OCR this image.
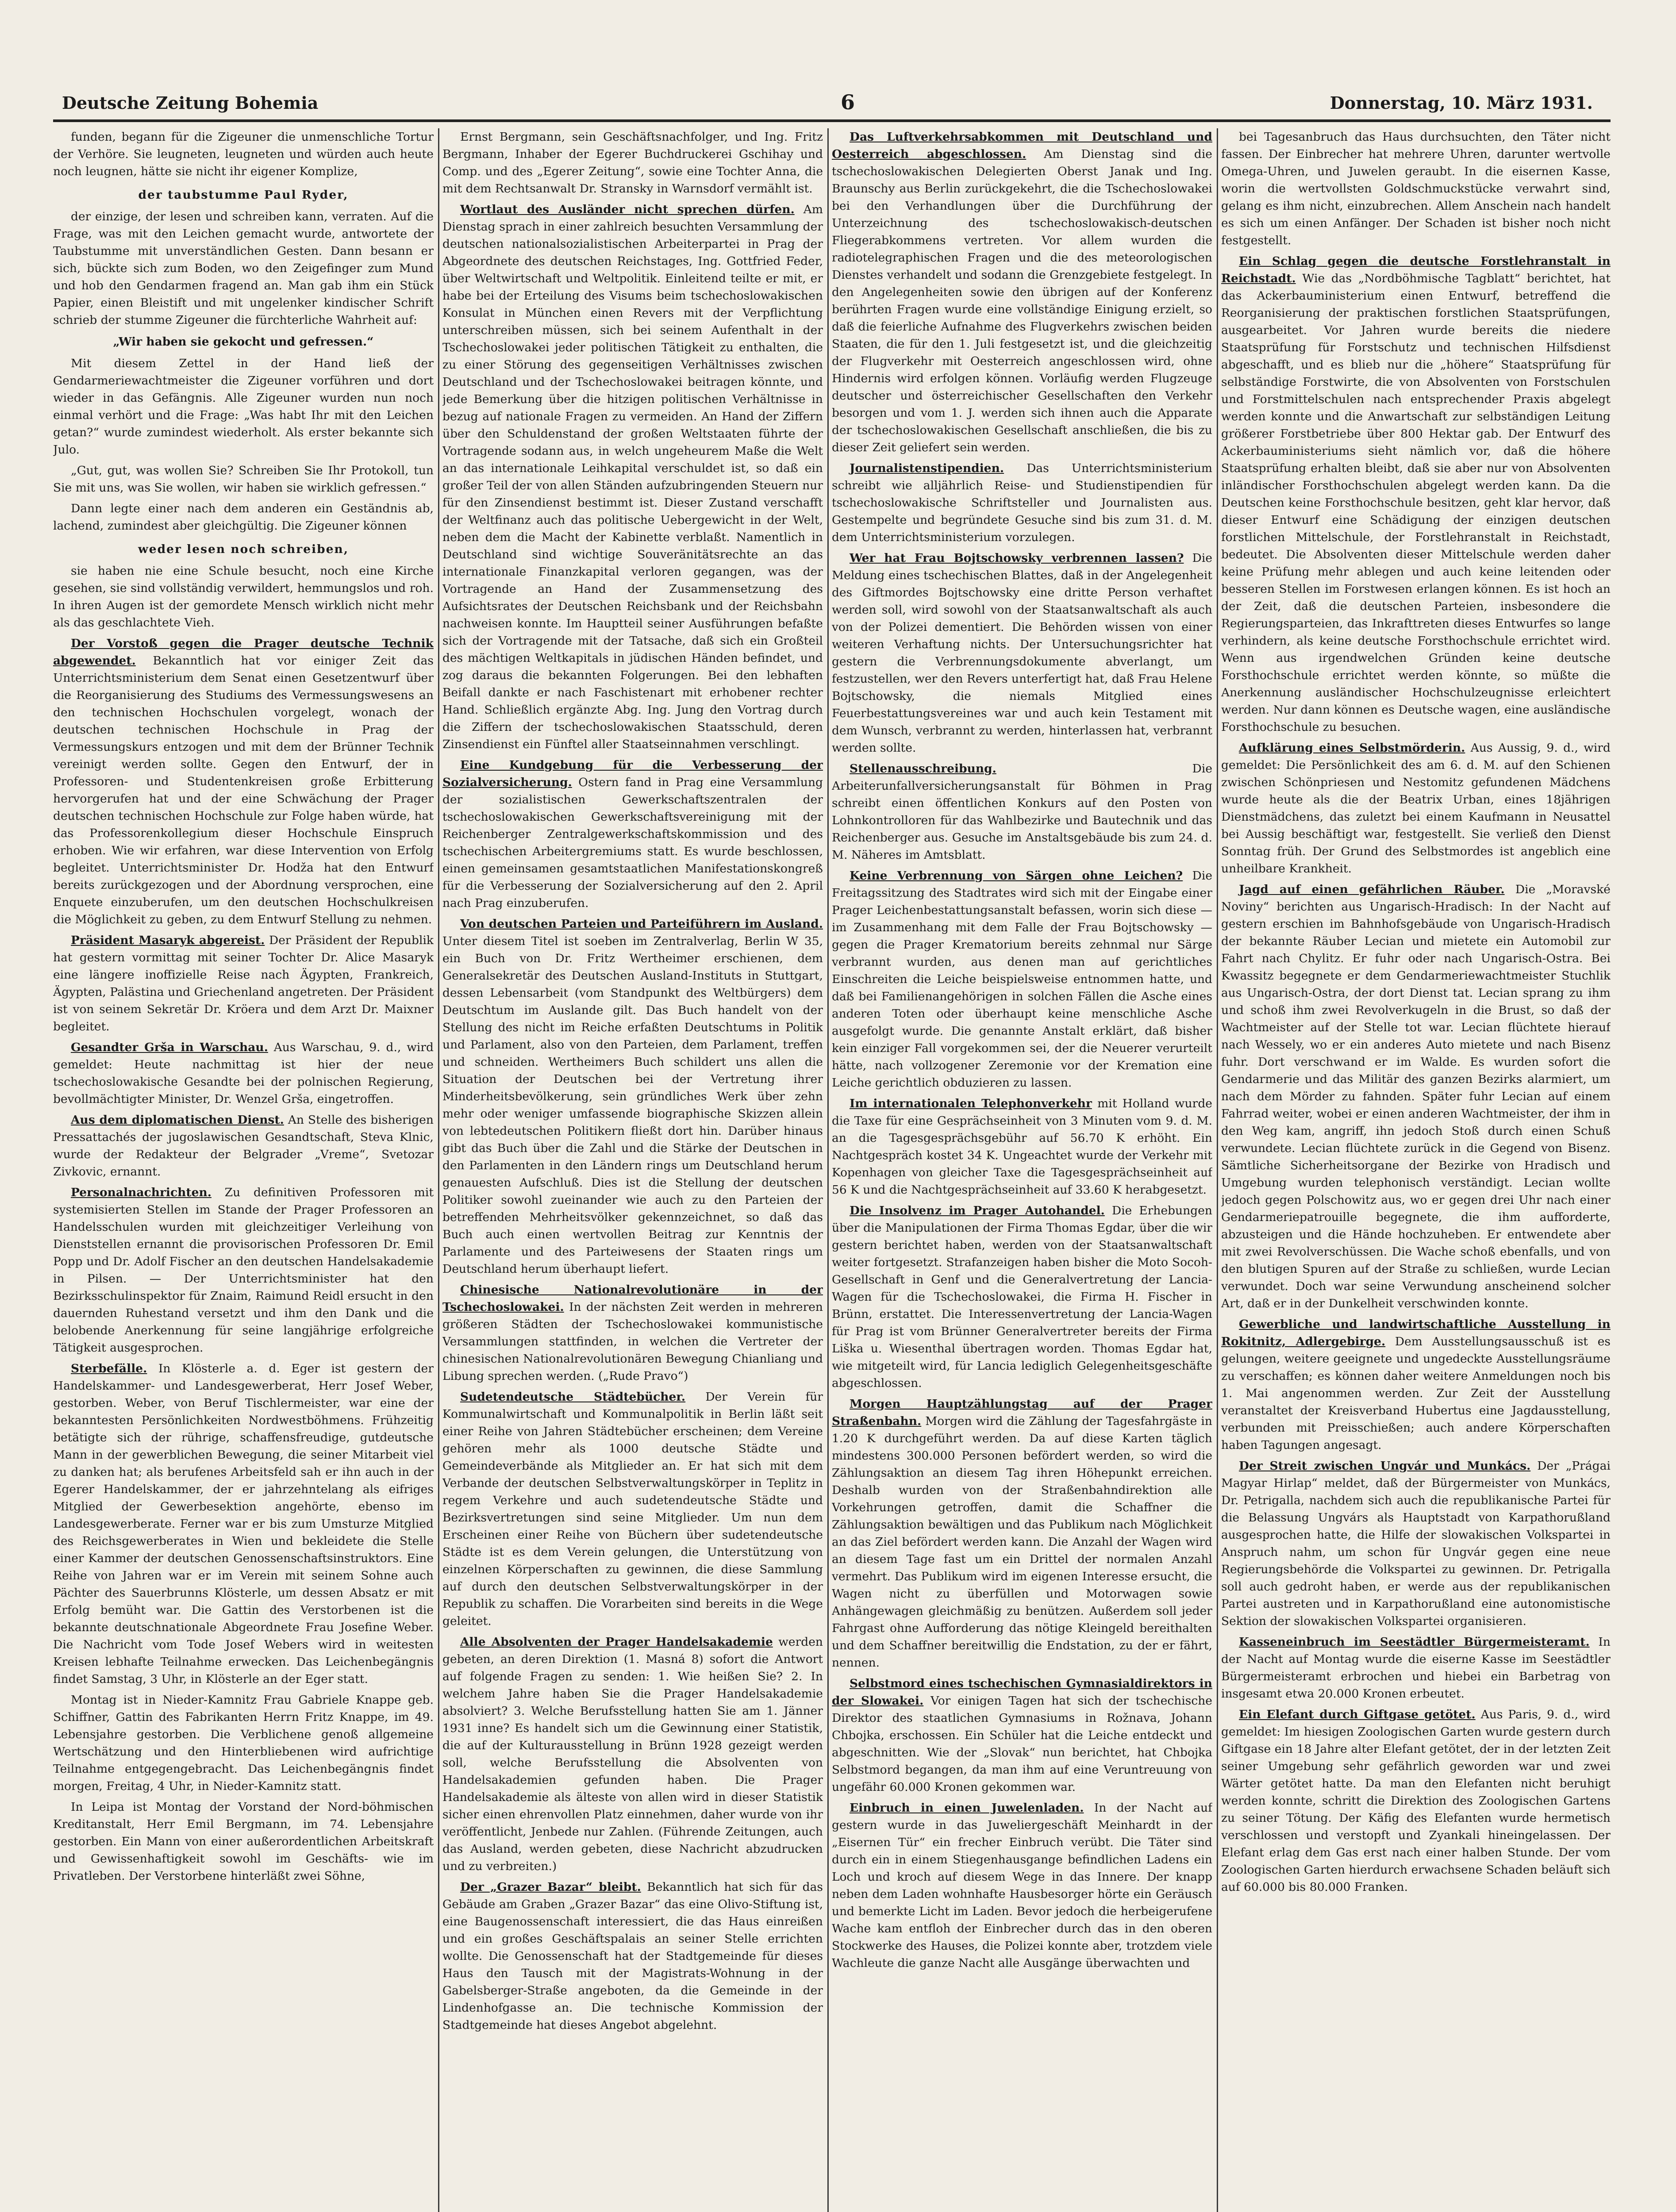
Deutsche Zeitung Bohemia	6	Donnerstag, 10. März 1931.

funden, begann für die Zigeuner die unmenschliche Tortur der Verhöre. Sie leugneten, leugneten und würden auch heute noch leugnen, hätte sie nicht ihr eigener Komplize,

der taubstumme Paul Ryder,

der einzige, der lesen und schreiben kann, verraten. Auf die Frage, was mit den Leichen gemacht wurde, antwortete der Taubstumme mit unverständlichen Gesten. Dann besann er sich, bückte sich zum Boden, wo den Zeigefinger zum Mund und hob den Gendarmen fragend an. Man gab ihm ein Stück Papier, einen Bleistift und mit ungelenker kindischer Schrift schrieb der stumme Zigeuner die fürchterliche Wahrheit auf:

„Wir haben sie gekocht und gefressen.“

Mit diesem Zettel in der Hand ließ der Gendarmeriewachtmeister die Zigeuner vorführen und dort wieder in das Gefängnis. Alle Zigeuner wurden nun noch einmal verhört und die Frage: „Was habt Ihr mit den Leichen getan?“ wurde zumindest wiederholt. Als erster bekannte sich Julo.

„Gut, gut, was wollen Sie? Schreiben Sie Ihr Protokoll, tun Sie mit uns, was Sie wollen, wir haben sie wirklich gefressen.“

Dann legte einer nach dem anderen ein Geständnis ab, lachend, zumindest aber gleichgültig. Die Zigeuner können

weder lesen noch schreiben,

sie haben nie eine Schule besucht, noch eine Kirche gesehen, sie sind vollständig verwildert, hemmungslos und roh. In ihren Augen ist der gemordete Mensch wirklich nicht mehr als das geschlachtete Vieh.

Der Vorstoß gegen die Prager deutsche Technik abgewendet. Bekanntlich hat vor einiger Zeit das Unterrichtsministerium dem Senat einen Gesetzentwurf über die Reorganisierung des Studiums des Vermessungswesens an den technischen Hochschulen vorgelegt, wonach der deutschen technischen Hochschule in Prag der Vermessungskurs entzogen und mit dem der Brünner Technik vereinigt werden sollte. Gegen den Entwurf, der in Professoren- und Studentenkreisen große Erbitterung hervorgerufen hat und der eine Schwächung der Prager deutschen technischen Hochschule zur Folge haben würde, hat das Professorenkollegium dieser Hochschule Einspruch erhoben. Wie wir erfahren, war diese Intervention von Erfolg begleitet. Unterrichtsminister Dr. Hodža hat den Entwurf bereits zurückgezogen und der Abordnung versprochen, eine Enquete einzuberufen, um den deutschen Hochschulkreisen die Möglichkeit zu geben, zu dem Entwurf Stellung zu nehmen.

Präsident Masaryk abgereist. Der Präsident der Republik hat gestern vormittag mit seiner Tochter Dr. Alice Masaryk eine längere inoffizielle Reise nach Ägypten, Frankreich, Ägypten, Palästina und Griechenland angetreten. Der Präsident ist von seinem Sekretär Dr. Kröera und dem Arzt Dr. Maixner begleitet.

Gesandter Grša in Warschau. Aus Warschau, 9. d., wird gemeldet: Heute nachmittag ist hier der neue tschechoslowakische Gesandte bei der polnischen Regierung, bevollmächtigter Minister, Dr. Wenzel Grša, eingetroffen.

Aus dem diplomatischen Dienst. An Stelle des bisherigen Pressattachés der jugoslawischen Gesandtschaft, Steva Klnic, wurde der Redakteur der Belgrader „Vreme“, Svetozar Zivkovic, ernannt.

Personalnachrichten. Zu definitiven Professoren mit systemisierten Stellen im Stande der Prager Professoren an Handelsschulen wurden mit gleichzeitiger Verleihung von Dienststellen ernannt die provisorischen Professoren Dr. Emil Popp und Dr. Adolf Fischer an den deutschen Handelsakademie in Pilsen. — Der Unterrichtsminister hat den Bezirksschulinspektor für Znaim, Raimund Reidl ersucht in den dauernden Ruhestand versetzt und ihm den Dank und die belobende Anerkennung für seine langjährige erfolgreiche Tätigkeit ausgesprochen.

Sterbefälle. In Klösterle a. d. Eger ist gestern der Handelskammer- und Landesgewerberat, Herr Josef Weber, gestorben. Weber, von Beruf Tischlermeister, war eine der bekanntesten Persönlichkeiten Nordwestböhmens. Frühzeitig betätigte sich der rührige, schaffensfreudige, gutdeutsche Mann in der gewerblichen Bewegung, die seiner Mitarbeit viel zu danken hat; als berufenes Arbeitsfeld sah er ihn auch in der Egerer Handelskammer, der er jahrzehntelang als eifriges Mitglied der Gewerbesektion angehörte, ebenso im Landesgewerberate. Ferner war er bis zum Umsturze Mitglied des Reichsgewerberates in Wien und bekleidete die Stelle einer Kammer der deutschen Genossenschaftsinstruktors. Eine Reihe von Jahren war er im Verein mit seinem Sohne auch Pächter des Sauerbrunns Klösterle, um dessen Absatz er mit Erfolg bemüht war. Die Gattin des Verstorbenen ist die bekannte deutschnationale Abgeordnete Frau Josefine Weber. Die Nachricht vom Tode Josef Webers wird in weitesten Kreisen lebhafte Teilnahme erwecken. Das Leichenbegängnis findet Samstag, 3 Uhr, in Klösterle an der Eger statt.

Montag ist in Nieder-Kamnitz Frau Gabriele Knappe geb. Schiffner, Gattin des Fabrikanten Herrn Fritz Knappe, im 49. Lebensjahre gestorben. Die Verblichene genoß allgemeine Wertschätzung und den Hinterbliebenen wird aufrichtige Teilnahme entgegengebracht. Das Leichenbegängnis findet morgen, Freitag, 4 Uhr, in Nieder-Kamnitz statt.

In Leipa ist Montag der Vorstand der Nord-böhmischen Kreditanstalt, Herr Emil Bergmann, im 74. Lebensjahre gestorben. Ein Mann von einer außerordentlichen Arbeitskraft und Gewissenhaftigkeit sowohl im Geschäfts- wie im Privatleben. Der Verstorbene hinterläßt zwei Söhne,

Ernst Bergmann, sein Geschäftsnachfolger, und Ing. Fritz Bergmann, Inhaber der Egerer Buchdruckerei Gschihay und Comp. und des „Egerer Zeitung“, sowie eine Tochter Anna, die mit dem Rechtsanwalt Dr. Stransky in Warnsdorf vermählt ist.

Wortlaut des Ausländer nicht sprechen dürfen. Am Dienstag sprach in einer zahlreich besuchten Versammlung der deutschen nationalsozialistischen Arbeiterpartei in Prag der Abgeordnete des deutschen Reichstages, Ing. Gottfried Feder, über Weltwirtschaft und Weltpolitik. Einleitend teilte er mit, er habe bei der Erteilung des Visums beim tschechoslowakischen Konsulat in München einen Revers mit der Verpflichtung unterschreiben müssen, sich bei seinem Aufenthalt in der Tschechoslowakei jeder politischen Tätigkeit zu enthalten, die zu einer Störung des gegenseitigen Verhältnisses zwischen Deutschland und der Tschechoslowakei beitragen könnte, und jede Bemerkung über die hitzigen politischen Verhältnisse in bezug auf nationale Fragen zu vermeiden. An Hand der Ziffern über den Schuldenstand der großen Weltstaaten führte der Vortragende sodann aus, in welch ungeheurem Maße die Welt an das internationale Leihkapital verschuldet ist, so daß ein großer Teil der von allen Ständen aufzubringenden Steuern nur für den Zinsendienst bestimmt ist. Dieser Zustand verschafft der Weltfinanz auch das politische Uebergewicht in der Welt, neben dem die Macht der Kabinette verblaßt. Namentlich in Deutschland sind wichtige Souveränitätsrechte an das internationale Finanzkapital verloren gegangen, was der Vortragende an Hand der Zusammensetzung des Aufsichtsrates der Deutschen Reichsbank und der Reichsbahn nachweisen konnte. Im Hauptteil seiner Ausführungen befaßte sich der Vortragende mit der Tatsache, daß sich ein Großteil des mächtigen Weltkapitals in jüdischen Händen befindet, und zog daraus die bekannten Folgerungen. Bei den lebhaften Beifall dankte er nach Faschistenart mit erhobener rechter Hand. Schließlich ergänzte Abg. Ing. Jung den Vortrag durch die Ziffern der tschechoslowakischen Staatsschuld, deren Zinsendienst ein Fünftel aller Staatseinnahmen verschlingt.

Eine Kundgebung für die Verbesserung der Sozialversicherung. Ostern fand in Prag eine Versammlung der sozialistischen Gewerkschaftszentralen der tschechoslowakischen Gewerkschaftsvereinigung mit der Reichenberger Zentralgewerkschaftskommission und des tschechischen Arbeitergremiums statt. Es wurde beschlossen, einen gemeinsamen gesamtstaatlichen Manifestationskongreß für die Verbesserung der Sozialversicherung auf den 2. April nach Prag einzuberufen.

Von deutschen Parteien und Parteiführern im Ausland. Unter diesem Titel ist soeben im Zentralverlag, Berlin W 35, ein Buch von Dr. Fritz Wertheimer erschienen, dem Generalsekretär des Deutschen Ausland-Instituts in Stuttgart, dessen Lebensarbeit (vom Standpunkt des Weltbürgers) dem Deutschtum im Auslande gilt. Das Buch handelt von der Stellung des nicht im Reiche erfaßten Deutschtums in Politik und Parlament, also von den Parteien, dem Parlament, treffen und schneiden. Wertheimers Buch schildert uns allen die Situation der Deutschen bei der Vertretung ihrer Minderheitsbevölkerung, sein gründliches Werk über zehn mehr oder weniger umfassende biographische Skizzen allein von lebtedeutschen Politikern fließt dort hin. Darüber hinaus gibt das Buch über die Zahl und die Stärke der Deutschen in den Parlamenten in den Ländern rings um Deutschland herum genauesten Aufschluß. Dies ist die Stellung der deutschen Politiker sowohl zueinander wie auch zu den Parteien der betreffenden Mehrheitsvölker gekennzeichnet, so daß das Buch auch einen wertvollen Beitrag zur Kenntnis der Parlamente und des Parteiwesens der Staaten rings um Deutschland herum überhaupt liefert.

Chinesische Nationalrevolutionäre in der Tschechoslowakei. In der nächsten Zeit werden in mehreren größeren Städten der Tschechoslowakei kommunistische Versammlungen stattfinden, in welchen die Vertreter der chinesischen Nationalrevolutionären Bewegung Chianliang und Libung sprechen werden. („Rude Pravo“)

Sudetendeutsche Städtebücher. Der Verein für Kommunalwirtschaft und Kommunalpolitik in Berlin läßt seit einer Reihe von Jahren Städtebücher erscheinen; dem Vereine gehören mehr als 1000 deutsche Städte und Gemeindeverbände als Mitglieder an. Er hat sich mit dem Verbande der deutschen Selbstverwaltungskörper in Teplitz in regem Verkehre und auch sudetendeutsche Städte und Bezirksvertretungen sind seine Mitglieder. Um nun dem Erscheinen einer Reihe von Büchern über sudetendeutsche Städte ist es dem Verein gelungen, die Unterstützung von einzelnen Körperschaften zu gewinnen, die diese Sammlung auf durch den deutschen Selbstverwaltungskörper in der Republik zu schaffen. Die Vorarbeiten sind bereits in die Wege geleitet.

Alle Absolventen der Prager Handelsakademie werden gebeten, an deren Direktion (1. Masná 8) sofort die Antwort auf folgende Fragen zu senden: 1. Wie heißen Sie? 2. In welchem Jahre haben Sie die Prager Handelsakademie absolviert? 3. Welche Berufsstellung hatten Sie am 1. Jänner 1931 inne? Es handelt sich um die Gewinnung einer Statistik, die auf der Kulturausstellung in Brünn 1928 gezeigt werden soll, welche Berufsstellung die Absolventen von Handelsakademien gefunden haben. Die Prager Handelsakademie als älteste von allen wird in dieser Statistik sicher einen ehrenvollen Platz einnehmen, daher wurde von ihr veröffentlicht, Jenbede nur Zahlen. (Führende Zeitungen, auch das Ausland, werden gebeten, diese Nachricht abzudrucken und zu verbreiten.)

Der „Grazer Bazar“ bleibt. Bekanntlich hat sich für das Gebäude am Graben „Grazer Bazar“ das eine Olivo-Stiftung ist, eine Baugenossenschaft interessiert, die das Haus einreißen und ein großes Geschäftspalais an seiner Stelle errichten wollte. Die Genossenschaft hat der Stadtgemeinde für dieses Haus den Tausch mit der Magistrats-Wohnung in der Gabelsberger-Straße angeboten, da die Gemeinde in der Lindenhofgasse an. Die technische Kommission der Stadtgemeinde hat dieses Angebot abgelehnt.

Das Luftverkehrsabkommen mit Deutschland und Oesterreich abgeschlossen. Am Dienstag sind die tschechoslowakischen Delegierten Oberst Janak und Ing. Braunschy aus Berlin zurückgekehrt, die die Tschechoslowakei bei den Verhandlungen über die Durchführung der Unterzeichnung des tschechoslowakisch-deutschen Fliegerabkommens vertreten. Vor allem wurden die radiotelegraphischen Fragen und die des meteorologischen Dienstes verhandelt und sodann die Grenzgebiete festgelegt. In den Angelegenheiten sowie den übrigen auf der Konferenz berührten Fragen wurde eine vollständige Einigung erzielt, so daß die feierliche Aufnahme des Flugverkehrs zwischen beiden Staaten, die für den 1. Juli festgesetzt ist, und die gleichzeitig der Flugverkehr mit Oesterreich angeschlossen wird, ohne Hindernis wird erfolgen können. Vorläufig werden Flugzeuge deutscher und österreichischer Gesellschaften den Verkehr besorgen und vom 1. J. werden sich ihnen auch die Apparate der tschechoslowakischen Gesellschaft anschließen, die bis zu dieser Zeit geliefert sein werden.

Journalistenstipendien. Das Unterrichtsministerium schreibt wie alljährlich Reise- und Studienstipendien für tschechoslowakische Schriftsteller und Journalisten aus. Gestempelte und begründete Gesuche sind bis zum 31. d. M. dem Unterrichtsministerium vorzulegen.

Wer hat Frau Bojtschowsky verbrennen lassen? Die Meldung eines tschechischen Blattes, daß in der Angelegenheit des Giftmordes Bojtschowsky eine dritte Person verhaftet werden soll, wird sowohl von der Staatsanwaltschaft als auch von der Polizei dementiert. Die Behörden wissen von einer weiteren Verhaftung nichts. Der Untersuchungsrichter hat gestern die Verbrennungsdokumente abverlangt, um festzustellen, wer den Revers unterfertigt hat, daß Frau Helene Bojtschowsky, die niemals Mitglied eines Feuerbestattungsvereines war und auch kein Testament mit dem Wunsch, verbrannt zu werden, hinterlassen hat, verbrannt werden sollte.

Stellenausschreibung.	Die Arbeiterunfallversicherungsanstalt für Böhmen in Prag schreibt einen öffentlichen Konkurs auf den Posten von Lohnkontrolloren für das Wahlbezirke und Bautechnik und das Reichenberger aus. Gesuche im Anstaltsgebäude bis zum 24. d. M. Näheres im Amtsblatt.

Keine Verbrennung von Särgen ohne Leichen? Die Freitagssitzung des Stadtrates wird sich mit der Eingabe einer Prager Leichenbestattungsanstalt befassen, worin sich diese — im Zusammenhang mit dem Falle der Frau Bojtschowsky — gegen die Prager Krematorium bereits zehnmal nur Särge verbrannt wurden, aus denen man auf gerichtliches Einschreiten die Leiche beispielsweise entnommen hatte, und daß bei Familienangehörigen in solchen Fällen die Asche eines anderen Toten oder überhaupt keine menschliche Asche ausgefolgt wurde. Die genannte Anstalt erklärt, daß bisher kein einziger Fall vorgekommen sei, der die Neuerer verurteilt hätte, nach vollzogener Zeremonie vor der Kremation eine Leiche gerichtlich obduzieren zu lassen.

Im internationalen Telephonverkehr mit Holland wurde die Taxe für eine Gesprächseinheit von 3 Minuten vom 9. d. M. an die Tagesgesprächsgebühr auf 56.70 K erhöht. Ein Nachtgespräch kostet 34 K. Ungeachtet wurde der Verkehr mit Kopenhagen von gleicher Taxe die Tagesgesprächseinheit auf 56 K und die Nachtgesprächseinheit auf 33.60 K herabgesetzt.

Die Insolvenz im Prager Autohandel. Die Erhebungen über die Manipulationen der Firma Thomas Egdar, über die wir gestern berichtet haben, werden von der Staatsanwaltschaft weiter fortgesetzt. Strafanzeigen haben bisher die Moto Socoh-Gesellschaft in Genf und die Generalvertretung der Lancia-Wagen für die Tschechoslowakei, die Firma H. Fischer in Brünn, erstattet. Die Interessenvertretung der Lancia-Wagen für Prag ist vom Brünner Generalvertreter bereits der Firma Liška u. Wiesenthal übertragen worden. Thomas Egdar hat, wie mitgeteilt wird, für Lancia lediglich Gelegenheitsgeschäfte abgeschlossen.

Morgen Hauptzählungstag auf der Prager Straßenbahn. Morgen wird die Zählung der Tagesfahrgäste in 1.20 K durchgeführt werden. Da auf diese Karten täglich mindestens 300.000 Personen befördert werden, so wird die Zählungsaktion an diesem Tag ihren Höhepunkt erreichen. Deshalb wurden von der Straßenbahndirektion alle Vorkehrungen getroffen, damit die Schaffner die Zählungsaktion bewältigen und das Publikum nach Möglichkeit an das Ziel befördert werden kann. Die Anzahl der Wagen wird an diesem Tage fast um ein Drittel der normalen Anzahl vermehrt. Das Publikum wird im eigenen Interesse ersucht, die Wagen nicht zu überfüllen und Motorwagen sowie Anhängewagen gleichmäßig zu benützen. Außerdem soll jeder Fahrgast ohne Aufforderung das nötige Kleingeld bereithalten und dem Schaffner bereitwillig die Endstation, zu der er fährt, nennen.

Selbstmord eines tschechischen Gymnasialdirektors in der Slowakei. Vor einigen Tagen hat sich der tschechische Direktor des staatlichen Gymnasiums in Rožnava, Johann Chbojka, erschossen. Ein Schüler hat die Leiche entdeckt und abgeschnitten. Wie der „Slovak“ nun berichtet, hat Chbojka Selbstmord begangen, da man ihm auf eine Veruntreuung von ungefähr 60.000 Kronen gekommen war.

Einbruch in einen Juwelenladen. In der Nacht auf gestern wurde in das Juweliergeschäft Meinhardt in der „Eisernen Tür“ ein frecher Einbruch verübt. Die Täter sind durch ein in einem Stiegenhausgange befindlichen Ladens ein Loch und kroch auf diesem Wege in das Innere. Der knapp neben dem Laden wohnhafte Hausbesorger hörte ein Geräusch und bemerkte Licht im Laden. Bevor jedoch die herbeigerufene Wache kam entfloh der Einbrecher durch das in den oberen Stockwerke des Hauses, die Polizei konnte aber, trotzdem viele Wachleute die ganze Nacht alle Ausgänge überwachten und

bei Tagesanbruch das Haus durchsuchten, den Täter nicht fassen. Der Einbrecher hat mehrere Uhren, darunter wertvolle Omega-Uhren, und Juwelen geraubt. In die eisernen Kasse, worin die wertvollsten Goldschmuckstücke verwahrt sind, gelang es ihm nicht, einzubrechen. Allem Anschein nach handelt es sich um einen Anfänger. Der Schaden ist bisher noch nicht festgestellt.

Ein Schlag gegen die deutsche Forstlehranstalt in Reichstadt. Wie das „Nordböhmische Tagblatt“ berichtet, hat das Ackerbauministerium einen Entwurf, betreffend die Reorganisierung der praktischen forstlichen Staatsprüfungen, ausgearbeitet. Vor Jahren wurde bereits die niedere Staatsprüfung für Forstschutz und technischen Hilfsdienst abgeschafft, und es blieb nur die „höhere“ Staatsprüfung für selbständige Forstwirte, die von Absolventen von Forstschulen und Forstmittelschulen nach entsprechender Praxis abgelegt werden konnte und die Anwartschaft zur selbständigen Leitung größerer Forstbetriebe über 800 Hektar gab. Der Entwurf des Ackerbauministeriums sieht nämlich vor, daß die höhere Staatsprüfung erhalten bleibt, daß sie aber nur von Absolventen inländischer Forsthochschulen abgelegt werden kann. Da die Deutschen keine Forsthochschule besitzen, geht klar hervor, daß dieser Entwurf eine Schädigung der einzigen deutschen forstlichen Mittelschule, der Forstlehranstalt in Reichstadt, bedeutet. Die Absolventen dieser Mittelschule werden daher keine Prüfung mehr ablegen und auch keine leitenden oder besseren Stellen im Forstwesen erlangen können. Es ist hoch an der Zeit, daß die deutschen Parteien, insbesondere die Regierungsparteien, das Inkrafttreten dieses Entwurfes so lange verhindern, als keine deutsche Forsthochschule errichtet wird. Wenn aus irgendwelchen Gründen keine deutsche Forsthochschule errichtet werden könnte, so müßte die Anerkennung ausländischer Hochschulzeugnisse erleichtert werden. Nur dann können es Deutsche wagen, eine ausländische Forsthochschule zu besuchen.

Aufklärung eines Selbstmörderin. Aus Aussig, 9. d., wird gemeldet: Die Persönlichkeit des am 6. d. M. auf den Schienen zwischen Schönpriesen und Nestomitz gefundenen Mädchens wurde heute als die der Beatrix Urban, eines 18jährigen Dienstmädchens, das zuletzt bei einem Kaufmann in Neusattel bei Aussig beschäftigt war, festgestellt. Sie verließ den Dienst Sonntag früh. Der Grund des Selbstmordes ist angeblich eine unheilbare Krankheit.

Jagd auf einen gefährlichen Räuber. Die „Moravské Noviny“ berichten aus Ungarisch-Hradisch: In der Nacht auf gestern erschien im Bahnhofsgebäude von Ungarisch-Hradisch der bekannte Räuber Lecian und mietete ein Automobil zur Fahrt nach Chylitz. Er fuhr oder nach Ungarisch-Ostra. Bei Kwassitz begegnete er dem Gendarmeriewachtmeister Stuchlik aus Ungarisch-Ostra, der dort Dienst tat. Lecian sprang zu ihm und schoß ihm zwei Revolverkugeln in die Brust, so daß der Wachtmeister auf der Stelle tot war. Lecian flüchtete hierauf nach Wessely, wo er ein anderes Auto mietete und nach Bisenz fuhr. Dort verschwand er im Walde. Es wurden sofort die Gendarmerie und das Militär des ganzen Bezirks alarmiert, um nach dem Mörder zu fahnden. Später fuhr Lecian auf einem Fahrrad weiter, wobei er einen anderen Wachtmeister, der ihm in den Weg kam, angriff, ihn jedoch Stoß durch einen Schuß verwundete. Lecian flüchtete zurück in die Gegend von Bisenz. Sämtliche Sicherheitsorgane der Bezirke von Hradisch und Umgebung wurden telephonisch verständigt. Lecian wollte jedoch gegen Polschowitz aus, wo er gegen drei Uhr nach einer Gendarmeriepatrouille begegnete, die ihm aufforderte, abzusteigen und die Hände hochzuheben. Er entwendete aber mit zwei Revolverschüssen. Die Wache schoß ebenfalls, und von den blutigen Spuren auf der Straße zu schließen, wurde Lecian verwundet. Doch war seine Verwundung anscheinend solcher Art, daß er in der Dunkelheit verschwinden konnte.

Gewerbliche und landwirtschaftliche Ausstellung in Rokitnitz, Adlergebirge. Dem Ausstellungsausschuß ist es gelungen, weitere geeignete und ungedeckte Ausstellungsräume zu verschaffen; es können daher weitere Anmeldungen noch bis 1. Mai angenommen werden. Zur Zeit der Ausstellung veranstaltet der Kreisverband Hubertus eine Jagdausstellung, verbunden mit Preisschießen; auch andere Körperschaften haben Tagungen angesagt.

Der Streit zwischen Ungvár und Munkács. Der „Prágai Magyar Hirlap“ meldet, daß der Bürgermeister von Munkács, Dr. Petrigalla, nachdem sich auch die republikanische Partei für die Belassung Ungvárs als Hauptstadt von Karpathorußland ausgesprochen hatte, die Hilfe der slowakischen Volkspartei in Anspruch nahm, um schon für Ungvár gegen eine neue Regierungsbehörde die Volkspartei zu gewinnen. Dr. Petrigalla soll auch gedroht haben, er werde aus der republikanischen Partei austreten und in Karpathorußland eine autonomistische Sektion der slowakischen Volkspartei organisieren.

Kasseneinbruch im Seestädtler Bürgermeisteramt. In der Nacht auf Montag wurde die eiserne Kasse im Seestädtler Bürgermeisteramt erbrochen und hiebei ein Barbetrag von insgesamt etwa 20.000 Kronen erbeutet.

Ein Elefant durch Giftgase getötet. Aus Paris, 9. d., wird gemeldet: Im hiesigen Zoologischen Garten wurde gestern durch Giftgase ein 18 Jahre alter Elefant getötet, der in der letzten Zeit seiner Umgebung sehr gefährlich geworden war und zwei Wärter getötet hatte. Da man den Elefanten nicht beruhigt werden konnte, schritt die Direktion des Zoologischen Gartens zu seiner Tötung. Der Käfig des Elefanten wurde hermetisch verschlossen und verstopft und Zyankali hineingelassen. Der Elefant erlag dem Gas erst nach einer halben Stunde. Der vom Zoologischen Garten hierdurch erwachsene Schaden beläuft sich auf 60.000 bis 80.000 Franken.
